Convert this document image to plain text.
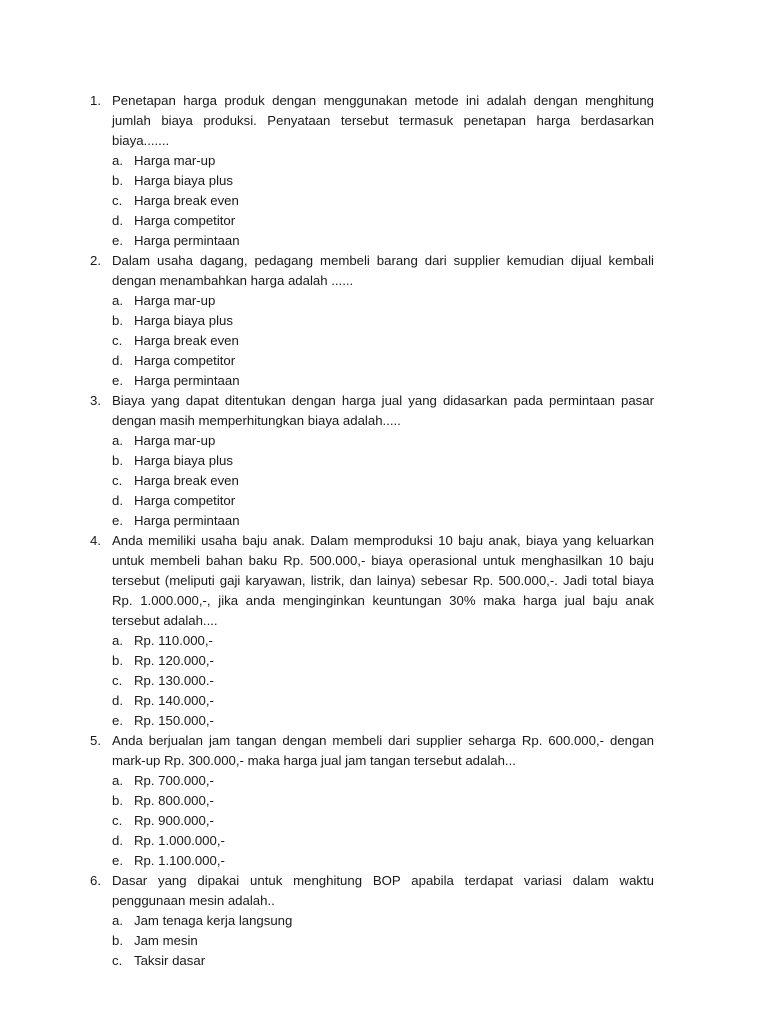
1. Penetapan harga produk dengan menggunakan metode ini adalah dengan menghitung jumlah biaya produksi. Penyataan tersebut termasuk penetapan harga berdasarkan biaya.......
a. Harga mar-up
b. Harga biaya plus
c. Harga break even
d. Harga competitor
e. Harga permintaan
2. Dalam usaha dagang, pedagang membeli barang dari supplier kemudian dijual kembali dengan menambahkan harga adalah ......
a. Harga mar-up
b. Harga biaya plus
c. Harga break even
d. Harga competitor
e. Harga permintaan
3. Biaya yang dapat ditentukan dengan harga jual yang didasarkan pada permintaan pasar dengan masih memperhitungkan biaya adalah.....
a. Harga mar-up
b. Harga biaya plus
c. Harga break even
d. Harga competitor
e. Harga permintaan
4. Anda memiliki usaha baju anak. Dalam memproduksi 10 baju anak, biaya yang keluarkan untuk membeli bahan baku Rp. 500.000,- biaya operasional untuk menghasilkan 10 baju tersebut (meliputi gaji karyawan, listrik, dan lainya) sebesar Rp. 500.000,-. Jadi total biaya Rp. 1.000.000,-, jika anda menginginkan keuntungan 30% maka harga jual baju anak tersebut adalah....
a. Rp. 110.000,-
b. Rp. 120.000,-
c. Rp. 130.000.-
d. Rp. 140.000,-
e. Rp. 150.000,-
5. Anda berjualan jam tangan dengan membeli dari supplier seharga Rp. 600.000,- dengan mark-up Rp. 300.000,- maka harga jual jam tangan tersebut adalah...
a. Rp. 700.000,-
b. Rp. 800.000,-
c. Rp. 900.000,-
d. Rp. 1.000.000,-
e. Rp. 1.100.000,-
6. Dasar yang dipakai untuk menghitung BOP apabila terdapat variasi dalam waktu penggunaan mesin adalah..
a. Jam tenaga kerja langsung
b. Jam mesin
c. Taksir dasar
